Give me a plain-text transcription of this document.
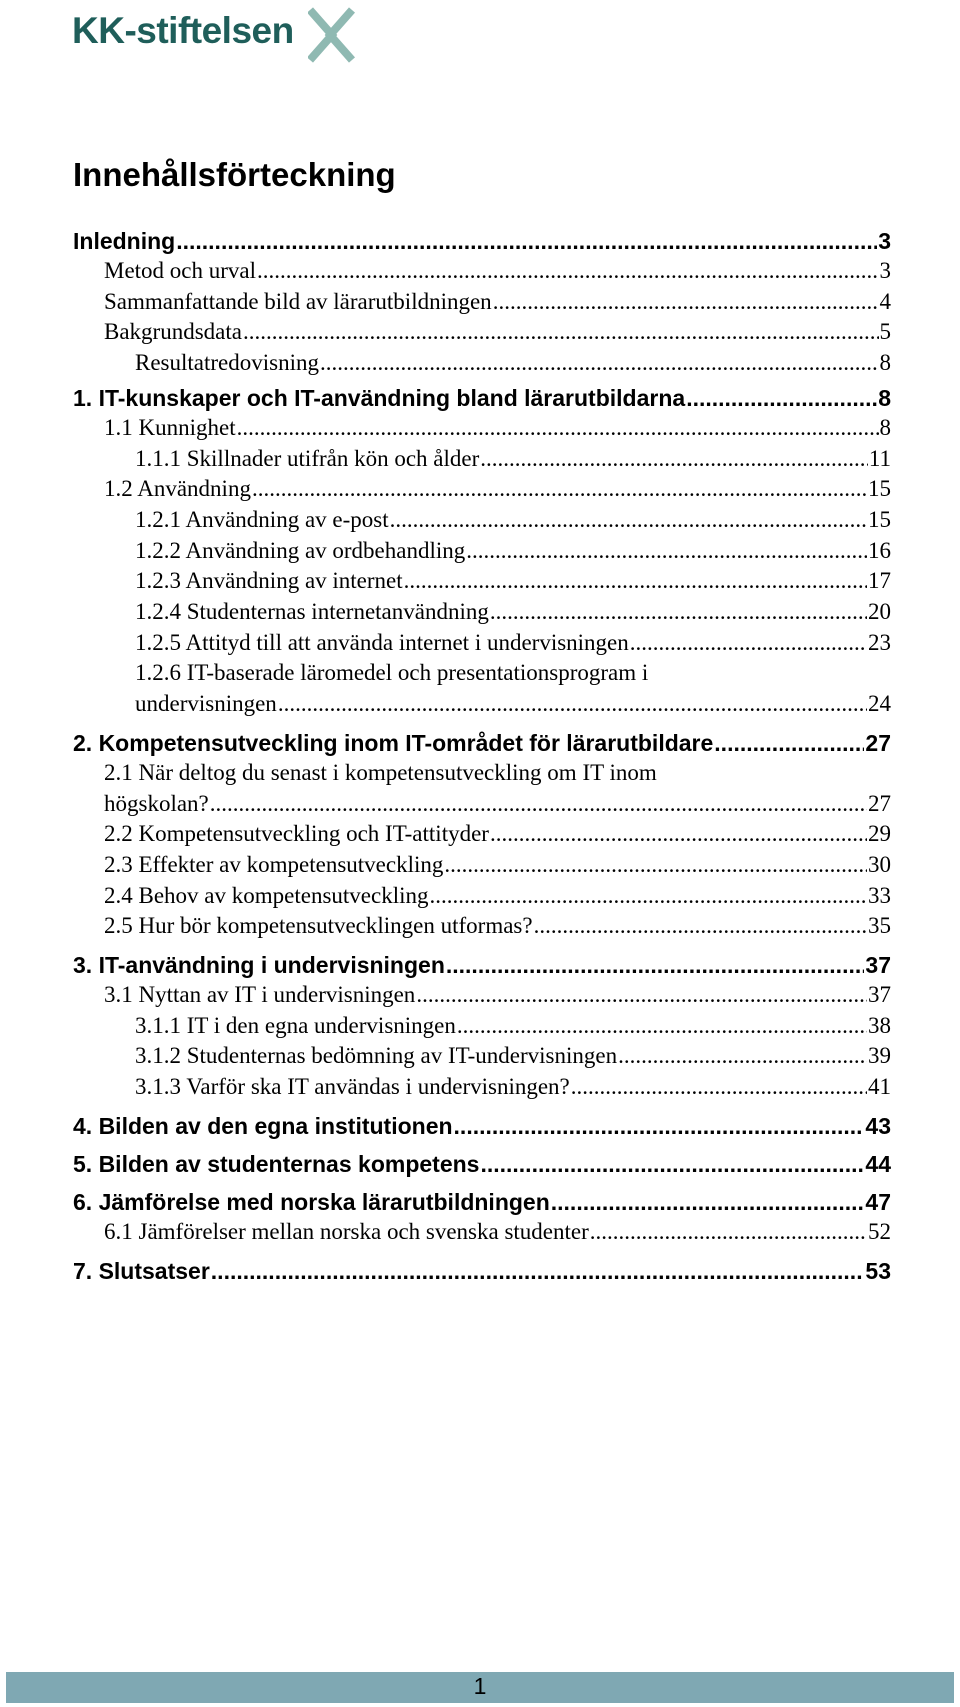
KK-stiftelsen
Innehållsförteckning
Inledning .....	3
Metod och urval .....	3
Sammanfattande bild av lärarutbildningen .....	4
Bakgrundsdata .....	5
Resultatredovisning .....	8
1. IT-kunskaper och IT-användning bland lärarutbildarna .....	8
1.1 Kunnighet .....	8
1.1.1 Skillnader utifrån kön och ålder .....	11
1.2 Användning .....	15
1.2.1 Användning av e-post .....	15
1.2.2 Användning av ordbehandling .....	16
1.2.3 Användning av internet .....	17
1.2.4 Studenternas internetanvändning .....	20
1.2.5 Attityd till att använda internet i undervisningen .....	23
1.2.6 IT-baserade läromedel och presentationsprogram i
undervisningen .....	24
2. Kompetensutveckling inom IT-området för lärarutbildare .....	27
2.1 När deltog du senast i kompetensutveckling om IT inom
högskolan? .....	27
2.2 Kompetensutveckling och IT-attityder .....	29
2.3 Effekter av kompetensutveckling .....	30
2.4 Behov av kompetensutveckling .....	33
2.5 Hur bör kompetensutvecklingen utformas? .....	35
3. IT-användning i undervisningen .....	37
3.1 Nyttan av IT i undervisningen .....	37
3.1.1 IT i den egna undervisningen .....	38
3.1.2 Studenternas bedömning av IT-undervisningen .....	39
3.1.3 Varför ska IT användas i undervisningen? .....	41
4. Bilden av den egna institutionen .....	43
5. Bilden av studenternas kompetens .....	44
6. Jämförelse med norska lärarutbildningen .....	47
6.1 Jämförelser mellan norska och svenska studenter .....	52
7. Slutsatser .....	53
1
